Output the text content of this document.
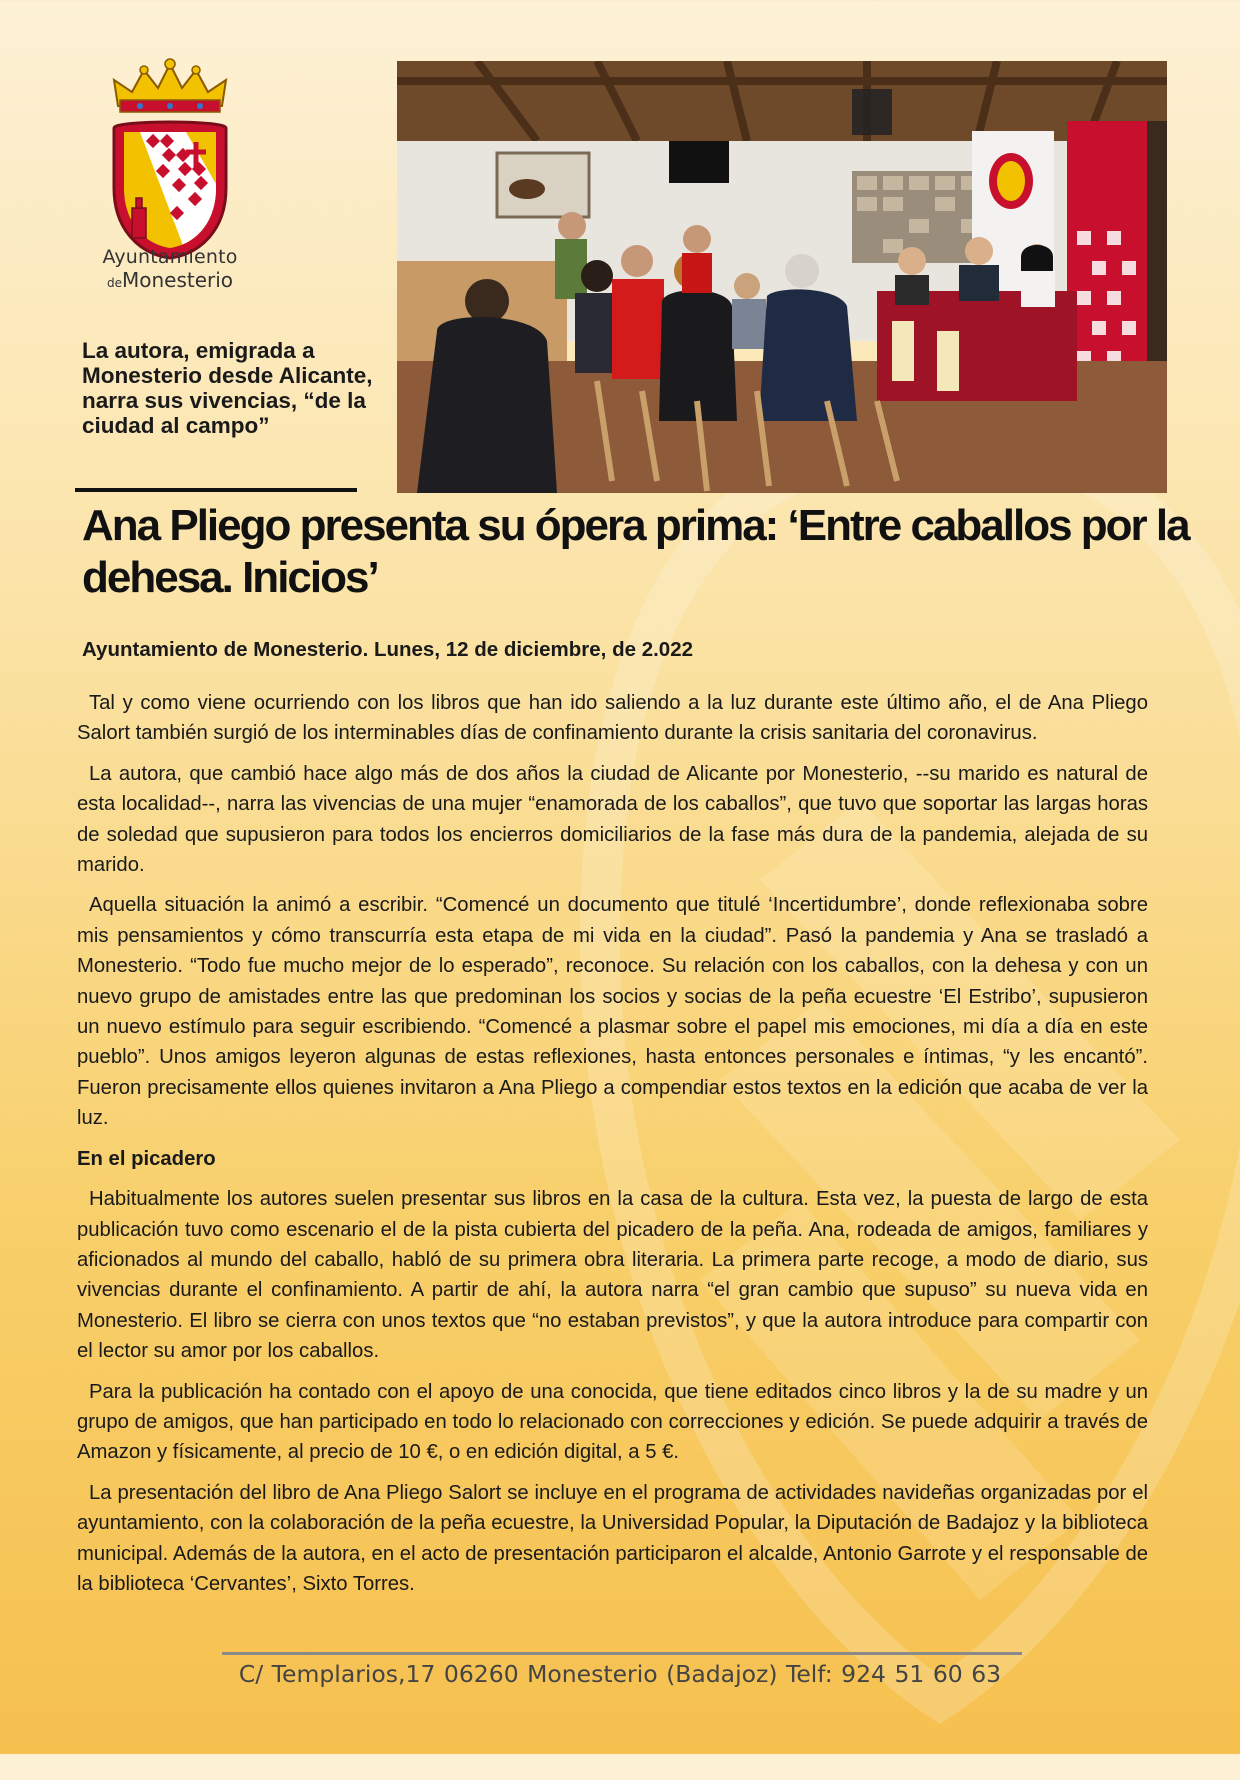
Ayuntamiento
deMonesterio
La autora, emigrada a Monesterio desde Alicante, narra sus vivencias, “de la ciudad al campo”
Ana Pliego presenta su ópera prima: ‘Entre caballos por la dehesa. Inicios’
Ayuntamiento de Monesterio. Lunes, 12 de diciembre, de 2.022

Tal y como viene ocurriendo con los libros que han ido saliendo a la luz durante este último año, el de Ana Pliego Salort también surgió de los interminables días de confinamiento durante la crisis sanitaria del coronavirus.

La autora, que cambió hace algo más de dos años la ciudad de Alicante por Monesterio, --su marido es natural de esta localidad--, narra las vivencias de una mujer “enamorada de los caballos”, que tuvo que soportar las largas horas de soledad que supusieron para todos los encierros domiciliarios de la fase más dura de la pandemia, alejada de su marido.

Aquella situación la animó a escribir. “Comencé un documento que titulé ‘Incertidumbre’, donde reflexionaba sobre mis pensamientos y cómo transcurría esta etapa de mi vida en la ciudad”. Pasó la pandemia y Ana se trasladó a Monesterio. “Todo fue mucho mejor de lo esperado”, reconoce. Su relación con los caballos, con la dehesa y con un nuevo grupo de amistades entre las que predominan los socios y socias de la peña ecuestre ‘El Estribo’, supusieron un nuevo estímulo para seguir escribiendo. “Comencé a plasmar sobre el papel mis emociones, mi día a día en este pueblo”. Unos amigos leyeron algunas de estas reflexiones, hasta entonces personales e íntimas, “y les encantó”. Fueron precisamente ellos quienes invitaron a Ana Pliego a compendiar estos textos en la edición que acaba de ver la luz.

En el picadero

Habitualmente los autores suelen presentar sus libros en la casa de la cultura. Esta vez, la puesta de largo de esta publicación tuvo como escenario el de la pista cubierta del picadero de la peña. Ana, rodeada de amigos, familiares y aficionados al mundo del caballo, habló de su primera obra literaria. La primera parte recoge, a modo de diario, sus vivencias durante el confinamiento. A partir de ahí, la autora narra “el gran cambio que supuso” su nueva vida en Monesterio. El libro se cierra con unos textos que “no estaban previstos”, y que la autora introduce para compartir con el lector su amor por los caballos.

Para la publicación ha contado con el apoyo de una conocida, que tiene editados cinco libros y la de su madre y un grupo de amigos, que han participado en todo lo relacionado con correcciones y edición. Se puede adquirir a través de Amazon y físicamente, al precio de 10 €, o en edición digital, a 5 €.

La presentación del libro de Ana Pliego Salort se incluye en el programa de actividades navideñas organizadas por el ayuntamiento, con la colaboración de la peña ecuestre, la Universidad Popular, la Diputación de Badajoz y la biblioteca municipal. Además de la autora, en el acto de presentación participaron el alcalde, Antonio Garrote y el responsable de la biblioteca ‘Cervantes’, Sixto Torres.

C/ Templarios,17 06260 Monesterio (Badajoz) Telf: 924 51 60 63
